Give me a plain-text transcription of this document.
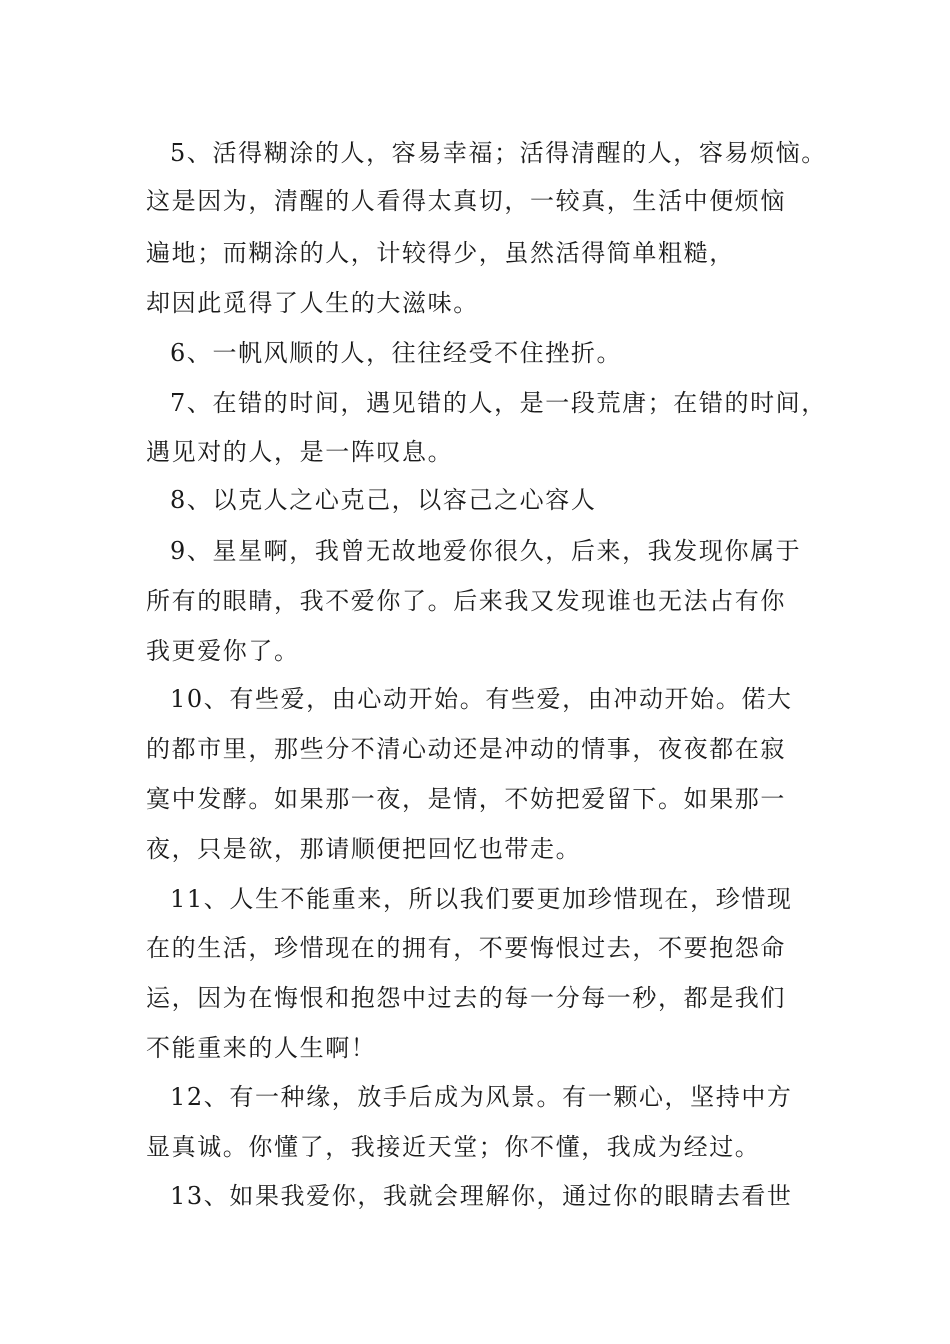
5、活得糊涂的人，容易幸福；活得清醒的人，容易烦恼。
这是因为，清醒的人看得太真切，一较真，生活中便烦恼
遍地；而糊涂的人，计较得少，虽然活得简单粗糙，
却因此觅得了人生的大滋味。
6、一帆风顺的人，往往经受不住挫折。
7、在错的时间，遇见错的人，是一段荒唐；在错的时间，
遇见对的人，是一阵叹息。
8、以克人之心克己，以容己之心容人
9、星星啊，我曾无故地爱你很久，后来，我发现你属于
所有的眼睛，我不爱你了。后来我又发现谁也无法占有你
我更爱你了。
10、有些爱，由心动开始。有些爱，由冲动开始。偌大
的都市里，那些分不清心动还是冲动的情事，夜夜都在寂
寞中发酵。如果那一夜，是情，不妨把爱留下。如果那一
夜，只是欲，那请顺便把回忆也带走。
11、人生不能重来，所以我们要更加珍惜现在，珍惜现
在的生活，珍惜现在的拥有，不要悔恨过去，不要抱怨命
运，因为在悔恨和抱怨中过去的每一分每一秒，都是我们
不能重来的人生啊！
12、有一种缘，放手后成为风景。有一颗心，坚持中方
显真诚。你懂了，我接近天堂；你不懂，我成为经过。
13、如果我爱你，我就会理解你，通过你的眼睛去看世
